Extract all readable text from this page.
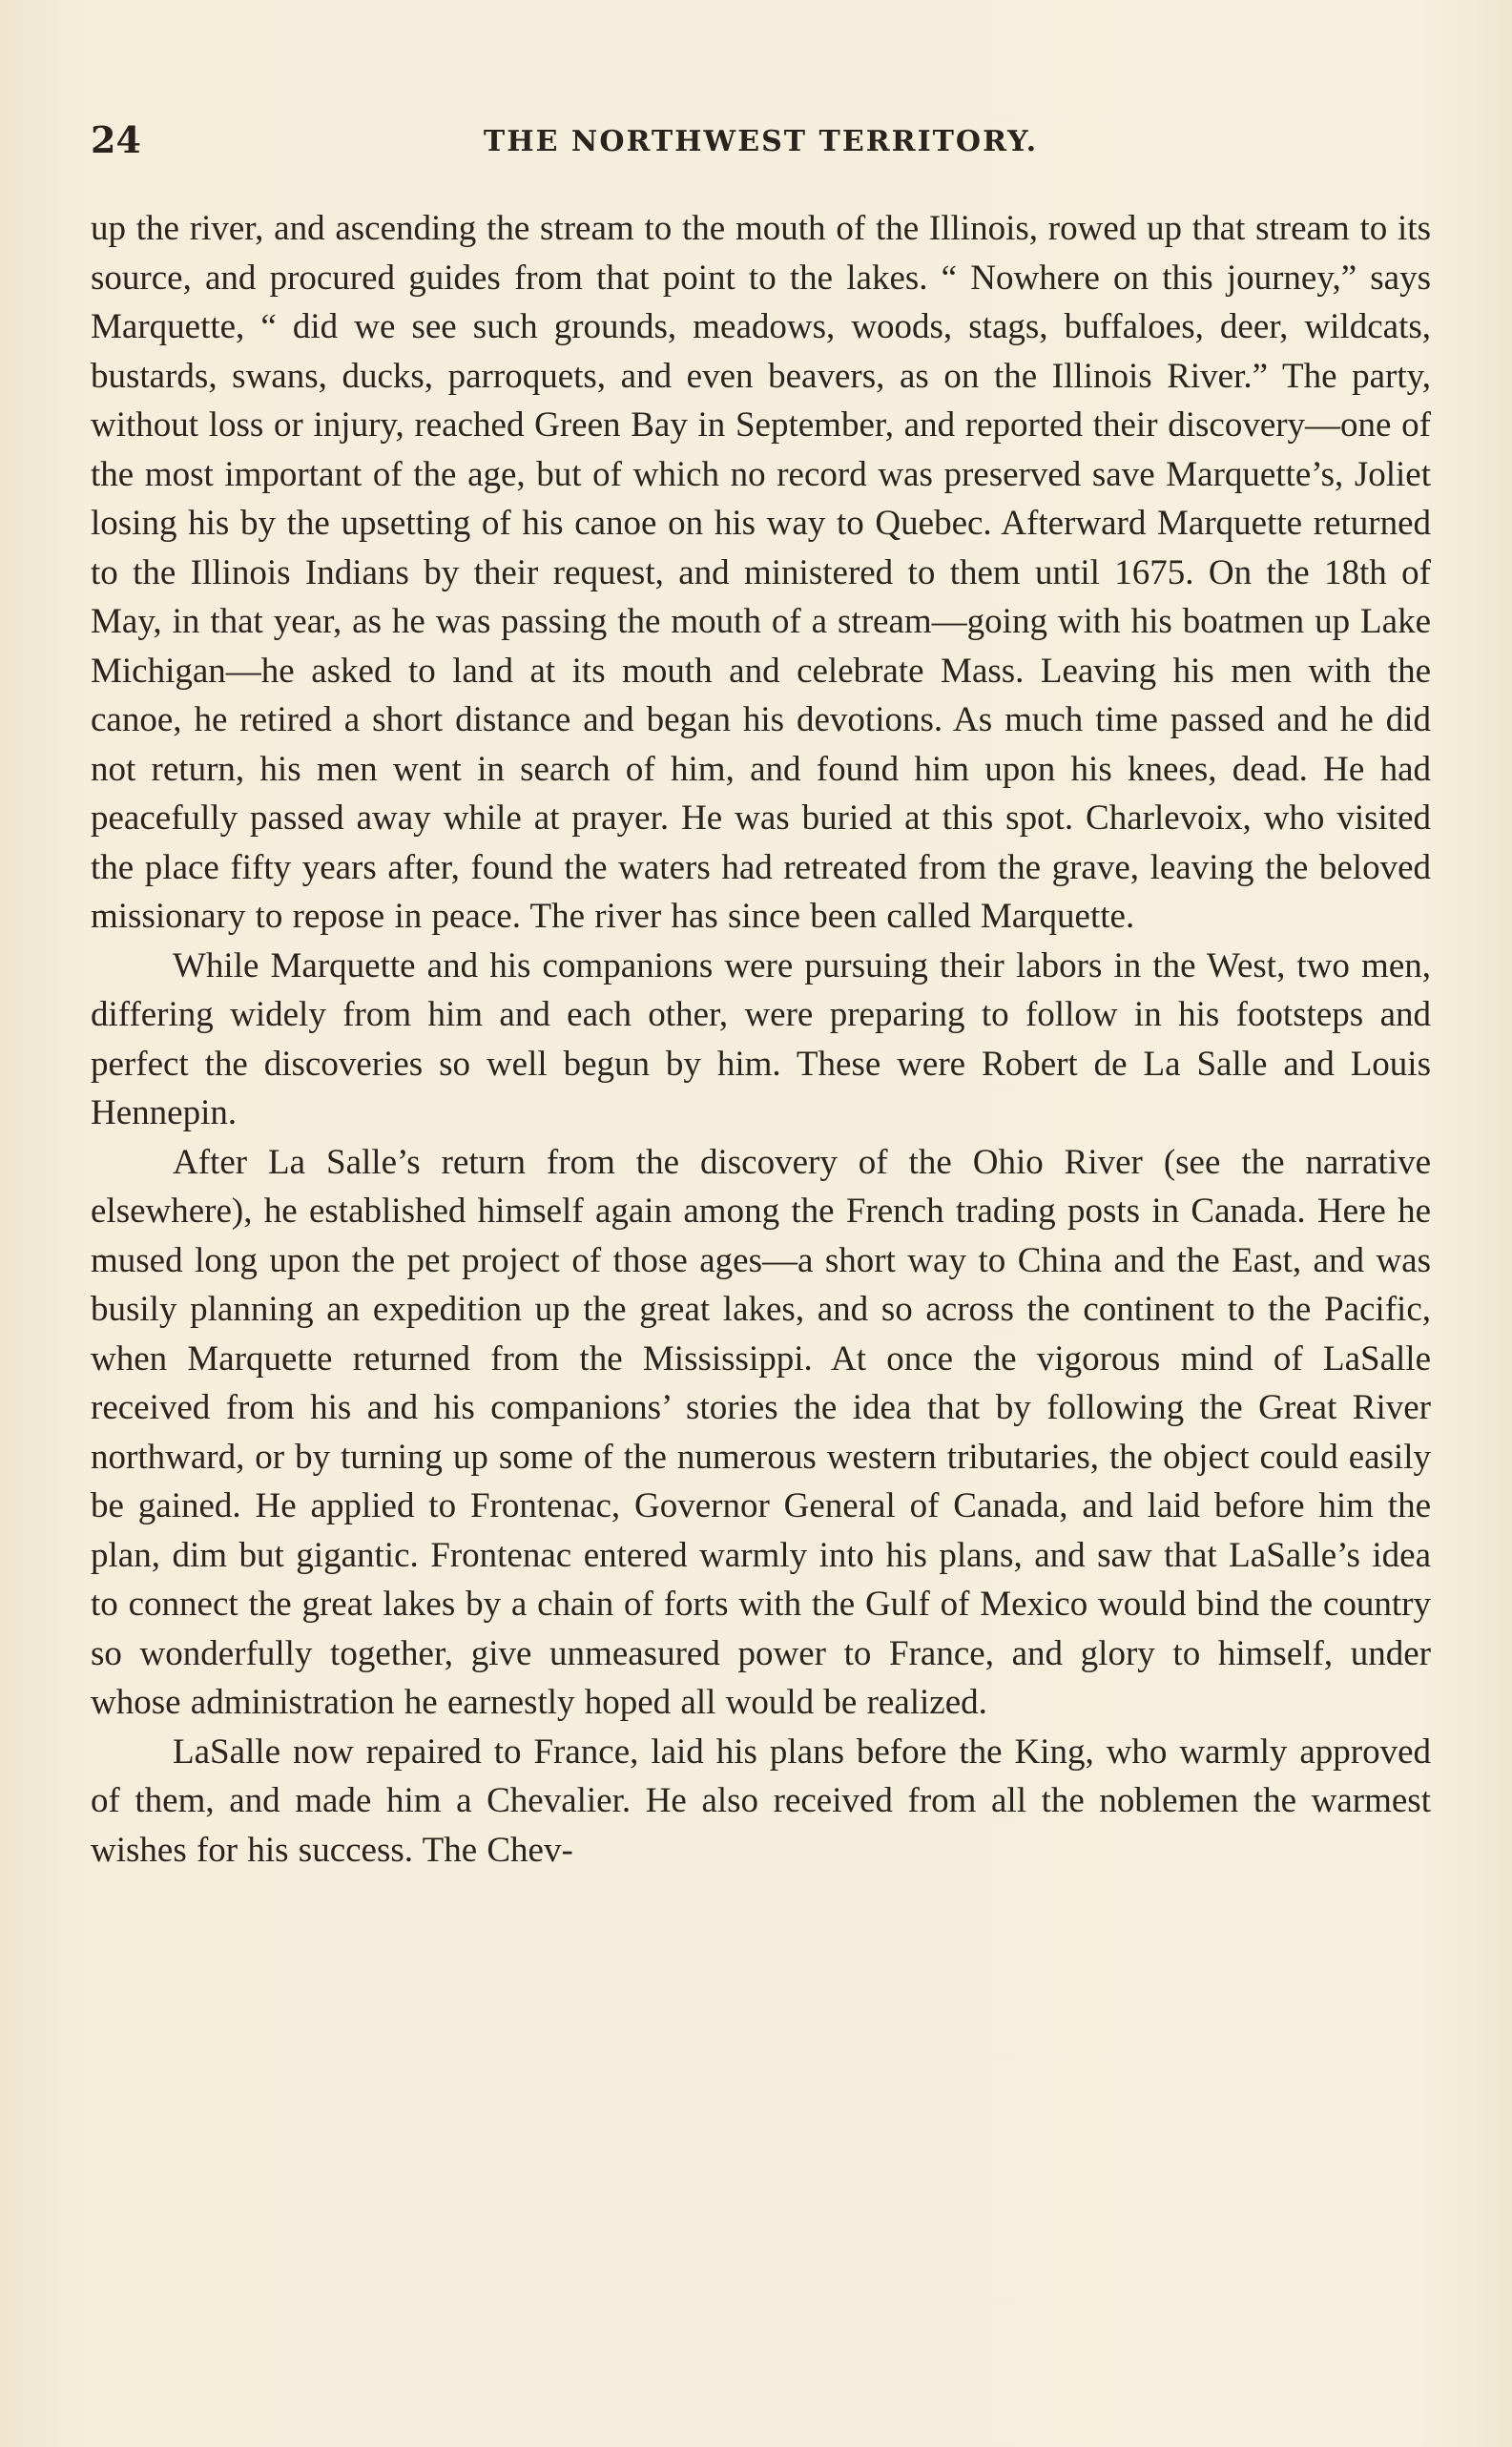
24	THE NORTHWEST TERRITORY.

up the river, and ascending the stream to the mouth of the Illinois, rowed up that stream to its source, and procured guides from that point to the lakes. “ Nowhere on this journey,” says Marquette, “ did we see such grounds, meadows, woods, stags, buffaloes, deer, wildcats, bustards, swans, ducks, parroquets, and even beavers, as on the Illinois River.” The party, without loss or injury, reached Green Bay in September, and reported their discovery—one of the most important of the age, but of which no record was preserved save Marquette’s, Joliet losing his by the upsetting of his canoe on his way to Quebec. Afterward Marquette returned to the Illinois Indians by their request, and ministered to them until 1675. On the 18th of May, in that year, as he was passing the mouth of a stream—going with his boatmen up Lake Michigan—he asked to land at its mouth and celebrate Mass. Leaving his men with the canoe, he retired a short distance and began his devotions. As much time passed and he did not return, his men went in search of him, and found him upon his knees, dead. He had peacefully passed away while at prayer. He was buried at this spot. Charlevoix, who visited the place fifty years after, found the waters had retreated from the grave, leaving the beloved missionary to repose in peace. The river has since been called Marquette.

While Marquette and his companions were pursuing their labors in the West, two men, differing widely from him and each other, were preparing to follow in his footsteps and perfect the discoveries so well begun by him. These were Robert de La Salle and Louis Hennepin.

After La Salle’s return from the discovery of the Ohio River (see the narrative elsewhere), he established himself again among the French trading posts in Canada. Here he mused long upon the pet project of those ages—a short way to China and the East, and was busily planning an expedition up the great lakes, and so across the continent to the Pacific, when Marquette returned from the Mississippi. At once the vigorous mind of LaSalle received from his and his companions’ stories the idea that by following the Great River northward, or by turning up some of the numerous western tributaries, the object could easily be gained. He applied to Frontenac, Governor General of Canada, and laid before him the plan, dim but gigantic. Frontenac entered warmly into his plans, and saw that LaSalle’s idea to connect the great lakes by a chain of forts with the Gulf of Mexico would bind the country so wonderfully together, give unmeasured power to France, and glory to himself, under whose administration he earnestly hoped all would be realized.

LaSalle now repaired to France, laid his plans before the King, who warmly approved of them, and made him a Chevalier. He also received from all the noblemen the warmest wishes for his success. The Chev-
